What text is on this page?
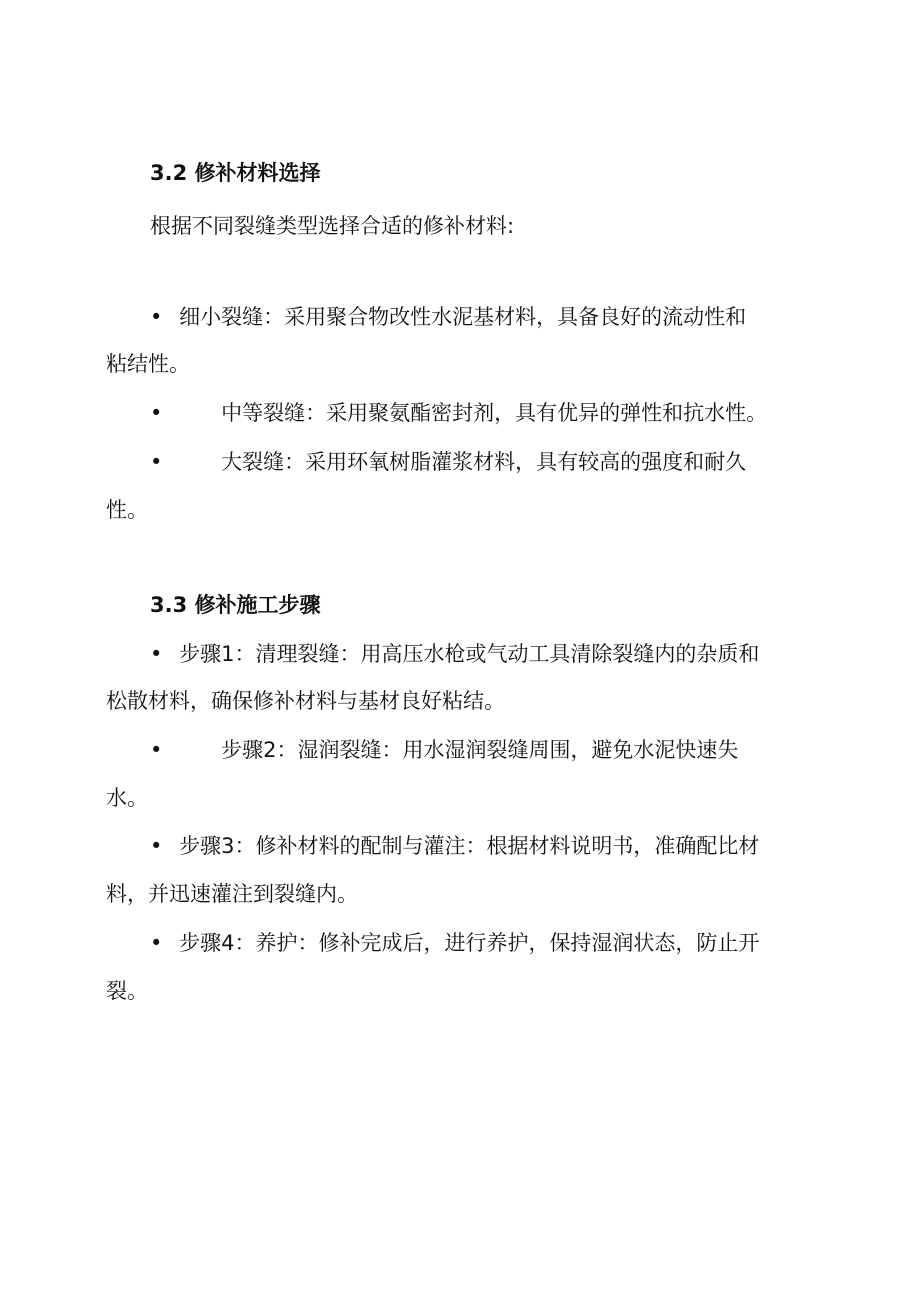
3.2 修补材料选择
根据不同裂缝类型选择合适的修补材料:
• 细小裂缝：采用聚合物改性水泥基材料，具备良好的流动性和
粘结性。
•	中等裂缝：采用聚氨酯密封剂，具有优异的弹性和抗水性。
•	大裂缝：采用环氧树脂灌浆材料，具有较高的强度和耐久
性。
3.3 修补施工步骤
• 步骤1：清理裂缝：用高压水枪或气动工具清除裂缝内的杂质和
松散材料，确保修补材料与基材良好粘结。
•	步骤2：湿润裂缝：用水湿润裂缝周围，避免水泥快速失
水。
• 步骤3：修补材料的配制与灌注：根据材料说明书，准确配比材
料，并迅速灌注到裂缝内。
• 步骤4：养护：修补完成后，进行养护，保持湿润状态，防止开
裂。
